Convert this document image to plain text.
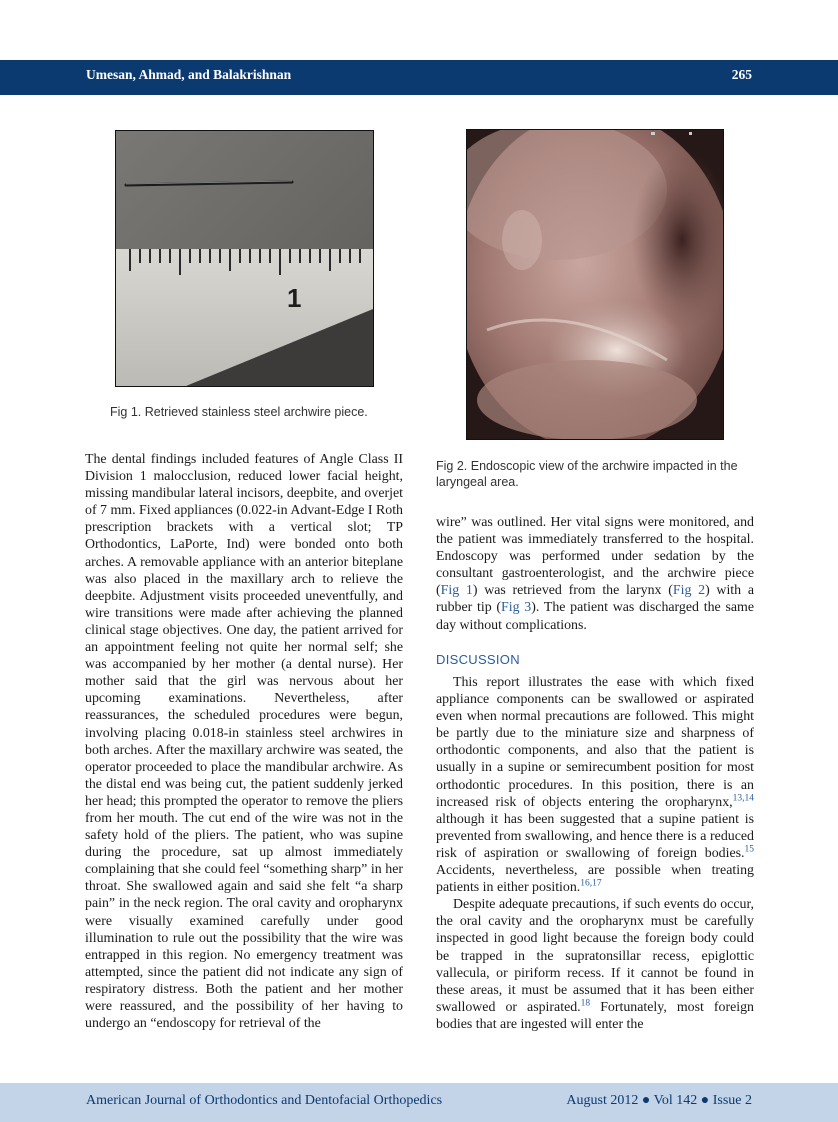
Umesan, Ahmad, and Balakrishnan	265
1
Fig 1. Retrieved stainless steel archwire piece.
Fig 2. Endoscopic view of the archwire impacted in the laryngeal area.

The dental findings included features of Angle Class II Division 1 malocclusion, reduced lower facial height, missing mandibular lateral incisors, deepbite, and overjet of 7 mm. Fixed appliances (0.022-in Advant-Edge I Roth prescription brackets with a vertical slot; TP Orthodontics, LaPorte, Ind) were bonded onto both arches. A removable appliance with an anterior biteplane was also placed in the maxillary arch to relieve the deepbite. Adjustment visits proceeded uneventfully, and wire transitions were made after achieving the planned clinical stage objectives. One day, the patient arrived for an appointment feeling not quite her normal self; she was accompanied by her mother (a dental nurse). Her mother said that the girl was nervous about her upcoming examinations. Nevertheless, after reassurances, the scheduled procedures were begun, involving placing 0.018-in stainless steel archwires in both arches. After the maxillary archwire was seated, the operator proceeded to place the mandibular archwire. As the distal end was being cut, the patient suddenly jerked her head; this prompted the operator to remove the pliers from her mouth. The cut end of the wire was not in the safety hold of the pliers. The patient, who was supine during the procedure, sat up almost immediately complaining that she could feel “something sharp” in her throat. She swallowed again and said she felt “a sharp pain” in the neck region. The oral cavity and oropharynx were visually examined carefully under good illumination to rule out the possibility that the wire was entrapped in this region. No emergency treatment was attempted, since the patient did not indicate any sign of respiratory distress. Both the patient and her mother were reassured, and the possibility of her having to undergo an “endoscopy for retrieval of the

wire” was outlined. Her vital signs were monitored, and the patient was immediately transferred to the hospital. Endoscopy was performed under sedation by the consultant gastroenterologist, and the archwire piece (Fig 1) was retrieved from the larynx (Fig 2) with a rubber tip (Fig 3). The patient was discharged the same day without complications.

DISCUSSION

This report illustrates the ease with which fixed appliance components can be swallowed or aspirated even when normal precautions are followed. This might be partly due to the miniature size and sharpness of orthodontic components, and also that the patient is usually in a supine or semirecumbent position for most orthodontic procedures. In this position, there is an increased risk of objects entering the oropharynx,$^{13,14}$ although it has been suggested that a supine patient is prevented from swallowing, and hence there is a reduced risk of aspiration or swallowing of foreign bodies.$^{15}$ Accidents, nevertheless, are possible when treating patients in either position.$^{16,17}$

Despite adequate precautions, if such events do occur, the oral cavity and the oropharynx must be carefully inspected in good light because the foreign body could be trapped in the supratonsillar recess, epiglottic vallecula, or piriform recess. If it cannot be found in these areas, it must be assumed that it has been either swallowed or aspirated.$^{18}$ Fortunately, most foreign bodies that are ingested will enter the

American Journal of Orthodontics and Dentofacial Orthopedics	August 2012 ● Vol 142 ● Issue 2
